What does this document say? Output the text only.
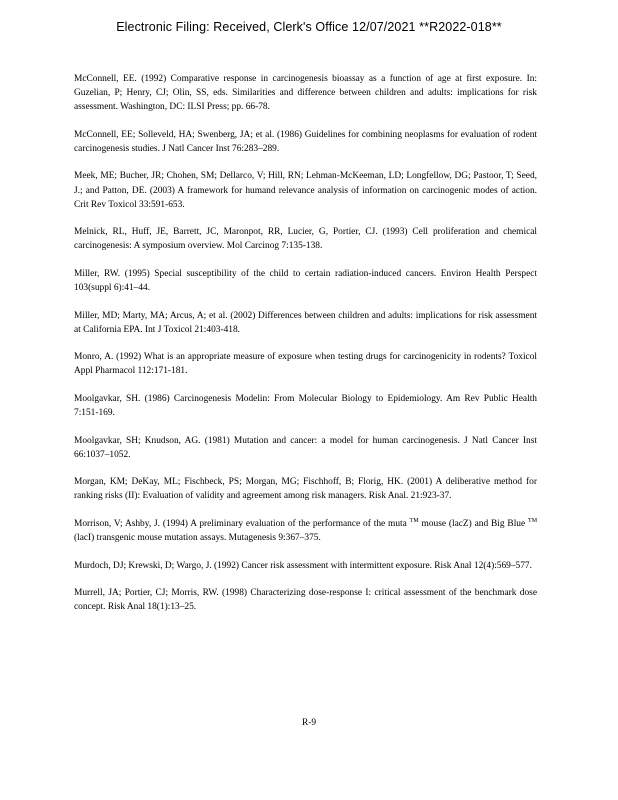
Electronic Filing: Received, Clerk's Office 12/07/2021 **R2022-018**

McConnell, EE. (1992) Comparative response in carcinogenesis bioassay as a function of age at first exposure. In: Guzelian, P; Henry, CJ; Olin, SS, eds. Similarities and difference between children and adults: implications for risk assessment. Washington, DC: ILSI Press; pp. 66-78.

McConnell, EE; Solleveld, HA; Swenberg, JA; et al. (1986) Guidelines for combining neoplasms for evaluation of rodent carcinogenesis studies. J Natl Cancer Inst 76:283–289.

Meek, ME; Bucher, JR; Chohen, SM; Dellarco, V; Hill, RN; Lehman-McKeeman, LD; Longfellow, DG; Pastoor, T; Seed, J.; and Patton, DE. (2003) A framework for humand relevance analysis of information on carcinogenic modes of action. Crit Rev Toxicol 33:591-653.

Melnick, RL, Huff, JE, Barrett, JC, Maronpot, RR, Lucier, G, Portier, CJ. (1993) Cell proliferation and chemical carcinogenesis: A symposium overview. Mol Carcinog 7:135-138.

Miller, RW. (1995) Special susceptibility of the child to certain radiation-induced cancers. Environ Health Perspect 103(suppl 6):41–44.

Miller, MD; Marty, MA; Arcus, A; et al. (2002) Differences between children and adults: implications for risk assessment at California EPA. Int J Toxicol 21:403-418.

Monro, A. (1992) What is an appropriate measure of exposure when testing drugs for carcinogenicity in rodents? Toxicol Appl Pharmacol 112:171-181.

Moolgavkar, SH. (1986) Carcinogenesis Modelin: From Molecular Biology to Epidemiology. Am Rev Public Health 7:151-169.

Moolgavkar, SH; Knudson, AG. (1981) Mutation and cancer: a model for human carcinogenesis. J Natl Cancer Inst 66:1037–1052.

Morgan, KM; DeKay, ML; Fischbeck, PS; Morgan, MG; Fischhoff, B; Florig, HK. (2001) A deliberative method for ranking risks (II): Evaluation of validity and agreement among risk managers. Risk Anal. 21:923-37.

Morrison, V; Ashby, J. (1994) A preliminary evaluation of the performance of the muta ™ mouse (lacZ) and Big Blue ™ (lacI) transgenic mouse mutation assays. Mutagenesis 9:367–375.

Murdoch, DJ; Krewski, D; Wargo, J. (1992) Cancer risk assessment with intermittent exposure. Risk Anal 12(4):569–577.

Murrell, JA; Portier, CJ; Morris, RW. (1998) Characterizing dose-response I: critical assessment of the benchmark dose concept. Risk Anal 18(1):13–25.

R-9
